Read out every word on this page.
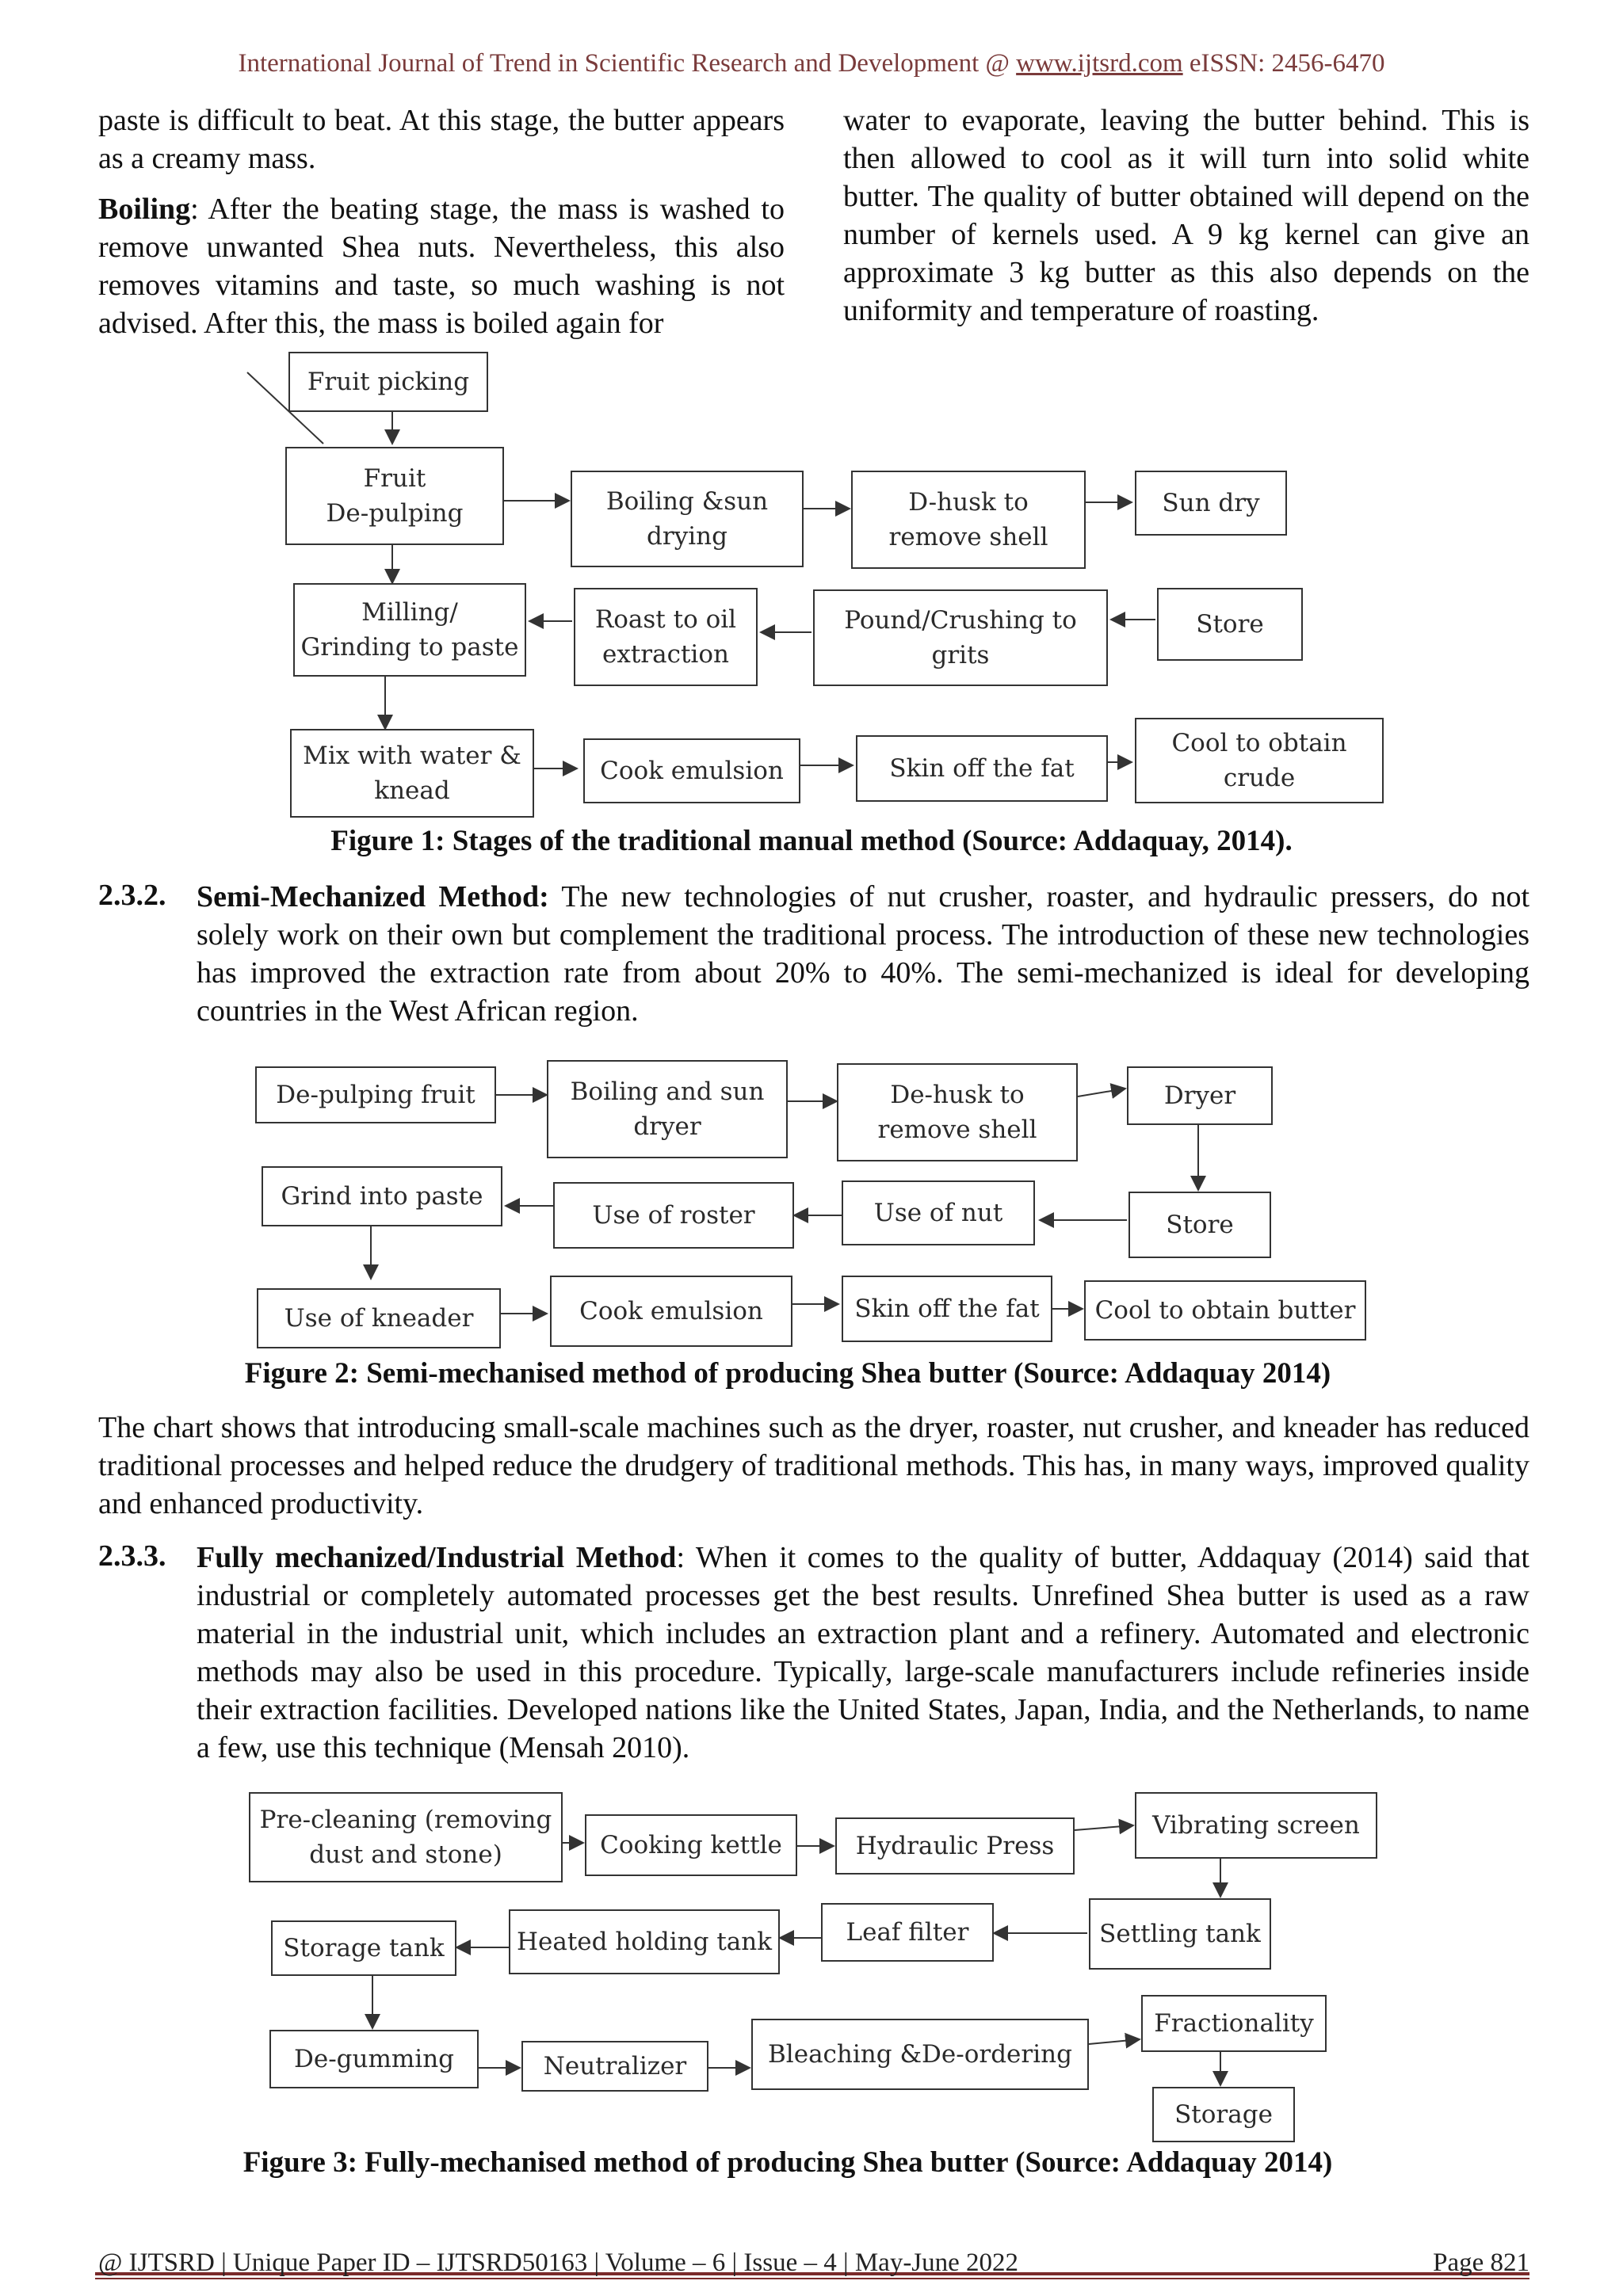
International Journal of Trend in Scientific Research and Development @ www.ijtsrd.com eISSN: 2456-6470

paste is difficult to beat. At this stage, the butter appears as a creamy mass.

Boiling: After the beating stage, the mass is washed to remove unwanted Shea nuts. Nevertheless, this also removes vitamins and taste, so much washing is not advised. After this, the mass is boiled again for

water to evaporate, leaving the butter behind. This is then allowed to cool as it will turn into solid white butter. The quality of butter obtained will depend on the number of kernels used. A 9 kg kernel can give an approximate 3 kg butter as this also depends on the uniformity and temperature of roasting.

Fruit picking
Fruit
De-pulping	Boiling &sun
drying
D-husk to
remove shell
Sun dry
Milling/
Grinding to paste
Roast to oil
extraction
Pound/Crushing to
grits
Store
Mix with water &
knead
Cook emulsion	Skin off the fat
Cool to obtain
crude
Figure 1: Stages of the traditional manual method (Source: Addaquay, 2014).
2.3.2. Semi-Mechanized Method: The new technologies of nut crusher, roaster, and hydraulic pressers, do not solely work on their own but complement the traditional process. The introduction of these new technologies has improved the extraction rate from about 20% to 40%. The semi-mechanized is ideal for developing countries in the West African region.
De-pulping fruit	Boiling and sun
dryer
De-husk to
remove shell
Dryer
Grind into paste
Use of roster	Use of nut	Store
Use of kneader	Cook emulsion	Skin off the fat Cool to obtain butter
Figure 2: Semi-mechanised method of producing Shea butter (Source: Addaquay 2014)
The chart shows that introducing small-scale machines such as the dryer, roaster, nut crusher, and kneader has reduced traditional processes and helped reduce the drudgery of traditional methods. This has, in many ways, improved quality and enhanced productivity.
2.3.3. Fully mechanized/Industrial Method: When it comes to the quality of butter, Addaquay (2014) said that industrial or completely automated processes get the best results. Unrefined Shea butter is used as a raw material in the industrial unit, which includes an extraction plant and a refinery. Automated and electronic methods may also be used in this procedure. Typically, large-scale manufacturers include refineries inside their extraction facilities. Developed nations like the United States, Japan, India, and the Netherlands, to name a few, use this technique (Mensah 2010).
Pre-cleaning (removing
dust and stone)	Cooking kettle	Hydraulic Press
Vibrating screen
Storage tank	Heated holding tank	Leaf filter	Settling tank
De-gumming	Neutralizer	Bleaching &De-ordering
Fractionality
Storage
Figure 3: Fully-mechanised method of producing Shea butter (Source: Addaquay 2014)
@ IJTSRD | Unique Paper ID – IJTSRD50163 | Volume – 6 | Issue – 4 | May-June 2022	Page 821
